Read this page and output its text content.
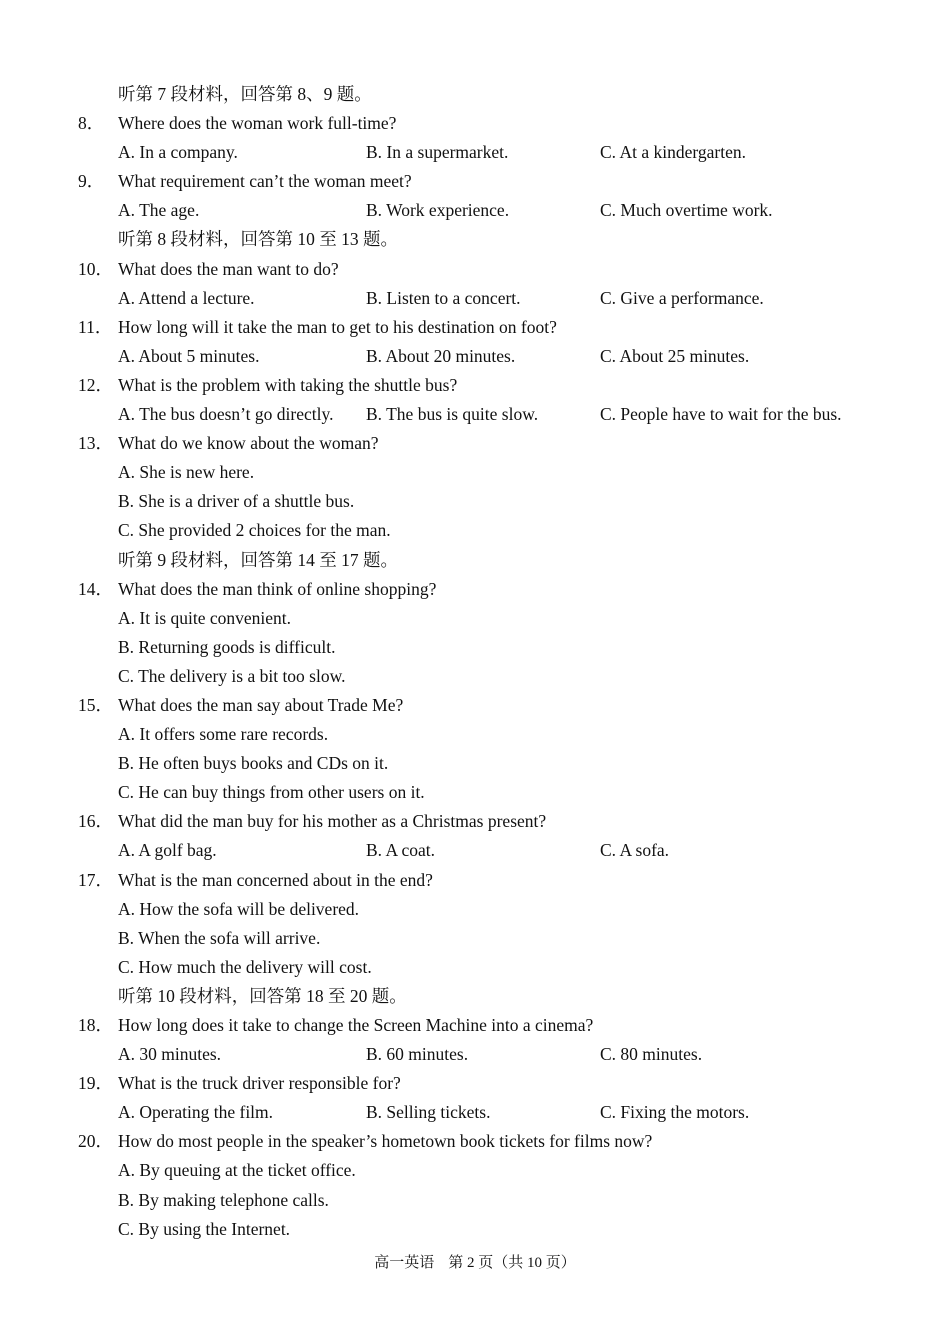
听第 7 段材料，回答第 8、9 题。
8． Where does the woman work full-time?
A. In a company.	B. In a supermarket.	C. At a kindergarten.
9． What requirement can’t the woman meet?
A. The age.	B. Work experience.	C. Much overtime work.
听第 8 段材料，回答第 10 至 13 题。
10． What does the man want to do?
A. Attend a lecture.	B. Listen to a concert.	C. Give a performance.
11． How long will it take the man to get to his destination on foot?
A. About 5 minutes.	B. About 20 minutes.	C. About 25 minutes.
12． What is the problem with taking the shuttle bus?
A. The bus doesn’t go directly. B. The bus is quite slow.	C. People have to wait for the bus.
13． What do we know about the woman?
A. She is new here.
B. She is a driver of a shuttle bus.
C. She provided 2 choices for the man.
听第 9 段材料，回答第 14 至 17 题。
14． What does the man think of online shopping?
A. It is quite convenient.
B. Returning goods is difficult.
C. The delivery is a bit too slow.
15． What does the man say about Trade Me?
A. It offers some rare records.
B. He often buys books and CDs on it.
C. He can buy things from other users on it.
16． What did the man buy for his mother as a Christmas present?
A. A golf bag.	B. A coat.	C. A sofa.
17． What is the man concerned about in the end?
A. How the sofa will be delivered.
B. When the sofa will arrive.
C. How much the delivery will cost.
听第 10 段材料，回答第 18 至 20 题。
18． How long does it take to change the Screen Machine into a cinema?
A. 30 minutes.	B. 60 minutes.	C. 80 minutes.
19． What is the truck driver responsible for?
A. Operating the film.	B. Selling tickets.	C. Fixing the motors.
20． How do most people in the speaker’s hometown book tickets for films now?
A. By queuing at the ticket office.
B. By making telephone calls.
C. By using the Internet.
高一英语 第 2 页（共 10 页）
